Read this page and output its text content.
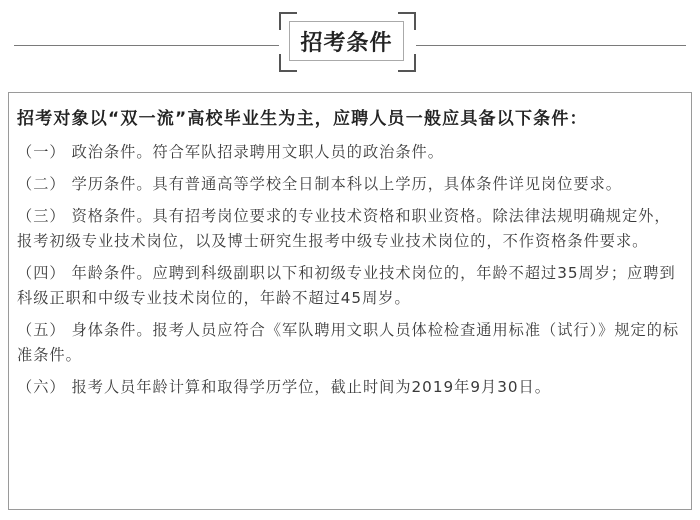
招考条件

招考对象以“双一流”高校毕业生为主，应聘人员一般应具备以下条件：

（一） 政治条件。符合军队招录聘用文职人员的政治条件。

（二） 学历条件。具有普通高等学校全日制本科以上学历，具体条件详见岗位要求。

（三） 资格条件。具有招考岗位要求的专业技术资格和职业资格。除法律法规明确规定外，报考初级专业技术岗位，以及博士研究生报考中级专业技术岗位的，不作资格条件要求。

（四） 年龄条件。应聘到科级副职以下和初级专业技术岗位的，年龄不超过35周岁；应聘到科级正职和中级专业技术岗位的，年龄不超过45周岁。

（五） 身体条件。报考人员应符合《军队聘用文职人员体检检查通用标准（试行）》规定的标准条件。

（六） 报考人员年龄计算和取得学历学位，截止时间为2019年9月30日。
